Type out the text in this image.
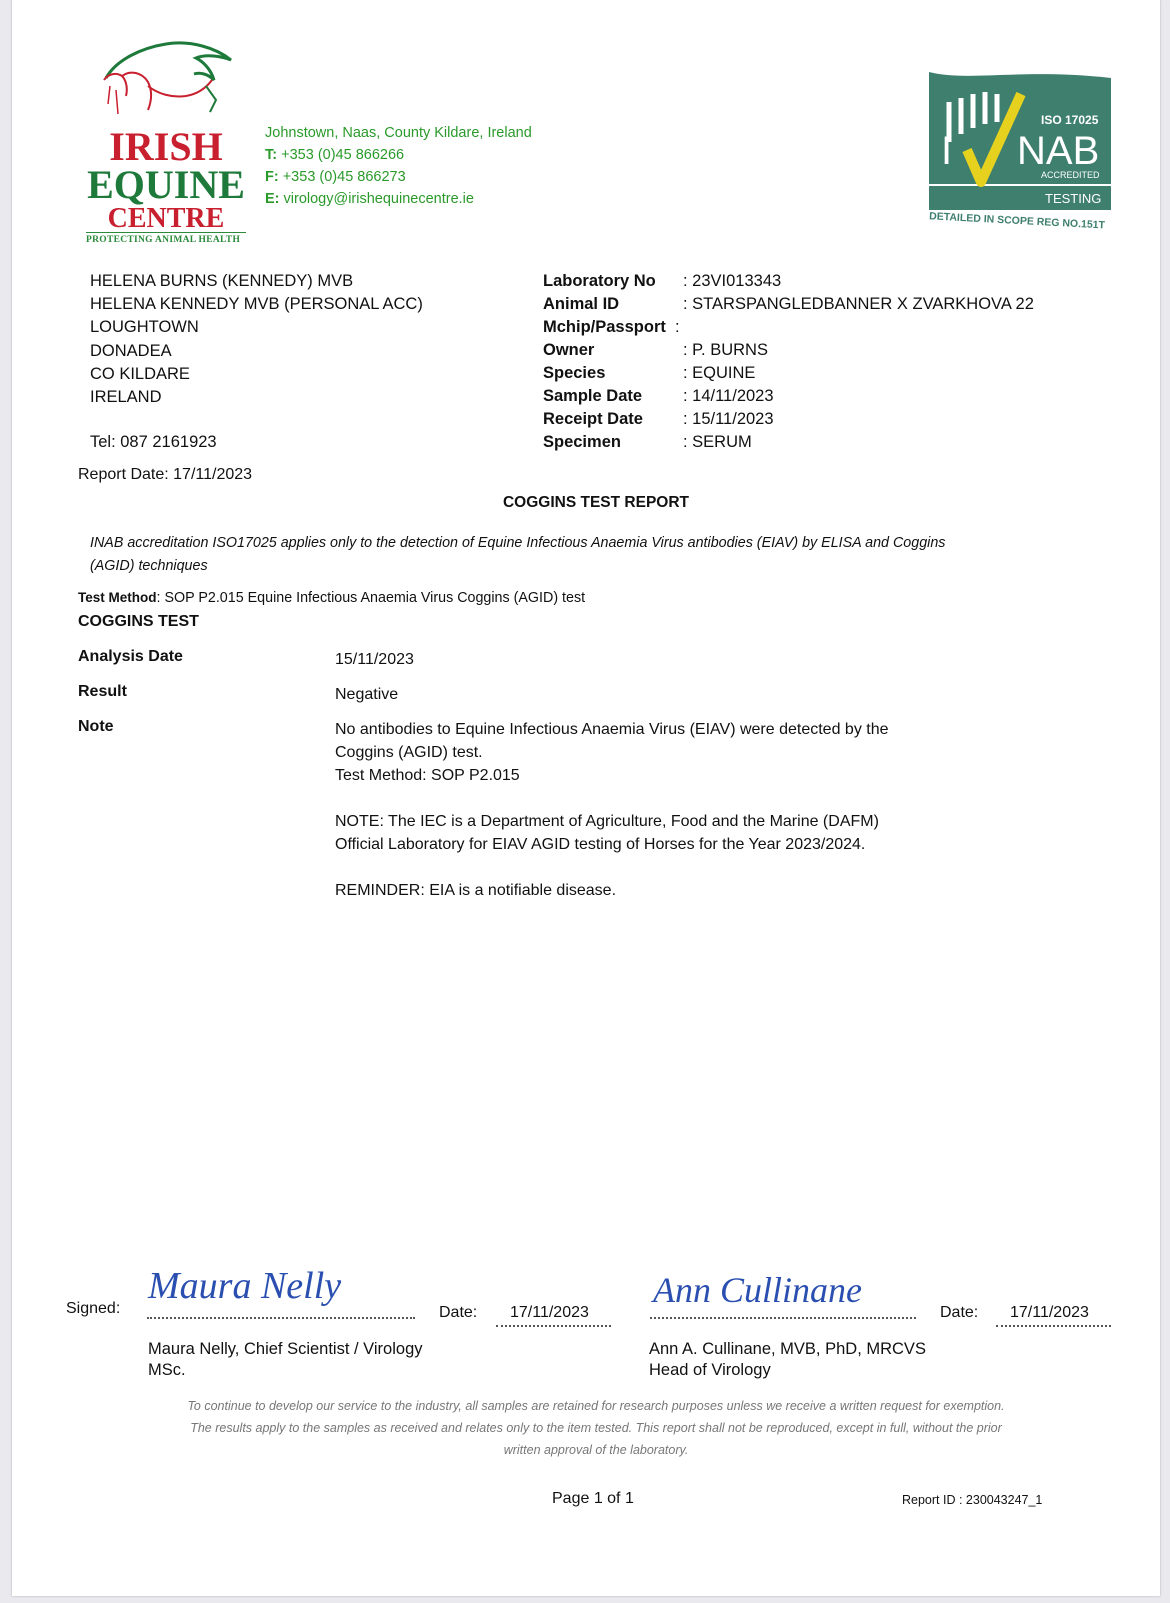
IRISH
EQUINE
CENTRE
PROTECTING ANIMAL HEALTH
Johnstown, Naas, County Kildare, Ireland
T: +353 (0)45 866266
F: +353 (0)45 866273
E: virology@irishequinecentre.ie
ISO 17025
I NAB
ACCREDITED
TESTING
DETAILED IN SCOPE REG NO.151T
HELENA BURNS (KENNEDY) MVB
HELENA KENNEDY MVB (PERSONAL ACC)
LOUGHTOWN
DONADEA
CO KILDARE
IRELAND
Tel: 087 2161923
Laboratory No	: 23VI013343
Animal ID	: STARSPANGLEDBANNER X ZVARKHOVA 22
Mchip/Passport :
Owner	: P. BURNS
Species	: EQUINE
Sample Date	: 14/11/2023
Receipt Date	: 15/11/2023
Specimen	: SERUM
Report Date: 17/11/2023
COGGINS TEST REPORT
INAB accreditation ISO17025 applies only to the detection of Equine Infectious Anaemia Virus antibodies (EIAV) by ELISA and Coggins (AGID) techniques
Test Method: SOP P2.015 Equine Infectious Anaemia Virus Coggins (AGID) test
COGGINS TEST
Analysis Date	15/11/2023
Result	Negative
Note	No antibodies to Equine Infectious Anaemia Virus (EIAV) were detected by the Coggins (AGID) test.

Test Method: SOP P2.015

NOTE: The IEC is a Department of Agriculture, Food and the Marine (DAFM) Official Laboratory for EIAV AGID testing of Horses for the Year 2023/2024.

REMINDER: EIA is a notifiable disease.

Signed:
Maura Nelly
Date: 17/11/2023
Maura Nelly, Chief Scientist / Virology
MSc.
Ann Cullinane
Date: 17/11/2023
Ann A. Cullinane, MVB, PhD, MRCVS
Head of Virology
To continue to develop our service to the industry, all samples are retained for research purposes unless we receive a written request for exemption.
The results apply to the samples as received and relates only to the item tested. This report shall not be reproduced, except in full, without the prior
written approval of the laboratory.
Page 1 of 1	Report ID : 230043247_1
